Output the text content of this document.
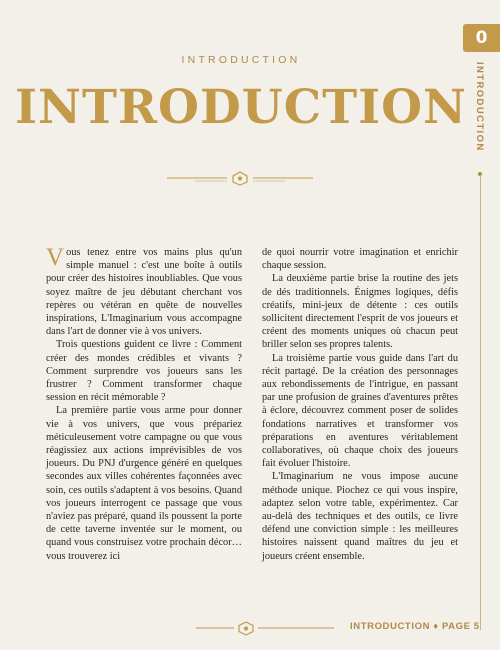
INTRODUCTION
INTRODUCTION
0
INTRODUCTION

Vous tenez entre vos mains plus qu'un simple manuel : c'est une boîte à outils pour créer des histoires inoubliables. Que vous soyez maître de jeu débutant cherchant vos repères ou vétéran en quête de nouvelles inspirations, L'Imaginarium vous accompagne dans l'art de donner vie à vos univers.

Trois questions guident ce livre : Comment créer des mondes crédibles et vivants ? Comment surprendre vos joueurs sans les frustrer ? Comment transformer chaque session en récit mémorable ?

La première partie vous arme pour donner vie à vos univers, que vous prépariez méticuleusement votre campagne ou que vous réagissiez aux actions imprévisibles de vos joueurs. Du PNJ d'urgence généré en quelques secondes aux villes cohérentes façonnées avec soin, ces outils s'adaptent à vos besoins. Quand vos joueurs interrogent ce passage que vous n'aviez pas préparé, quand ils poussent la porte de cette taverne inventée sur le moment, ou quand vous construisez votre prochain décor… vous trouverez ici

de quoi nourrir votre imagination et enrichir chaque session.

La deuxième partie brise la routine des jets de dés traditionnels. Énigmes logiques, défis créatifs, mini-jeux de détente : ces outils sollicitent directement l'esprit de vos joueurs et créent des moments uniques où chacun peut briller selon ses propres talents.

La troisième partie vous guide dans l'art du récit partagé. De la création des personnages aux rebondissements de l'intrigue, en passant par une profusion de graines d'aventures prêtes à éclore, découvrez comment poser de solides fondations narratives et transformer vos préparations en aventures véritablement collaboratives, où chaque choix des joueurs fait évoluer l'histoire.

L'Imaginarium ne vous impose aucune méthode unique. Piochez ce qui vous inspire, adaptez selon votre table, expérimentez. Car au-delà des techniques et des outils, ce livre défend une conviction simple : les meilleures histoires naissent quand maîtres du jeu et joueurs créent ensemble.

INTRODUCTION ♦ PAGE 5
